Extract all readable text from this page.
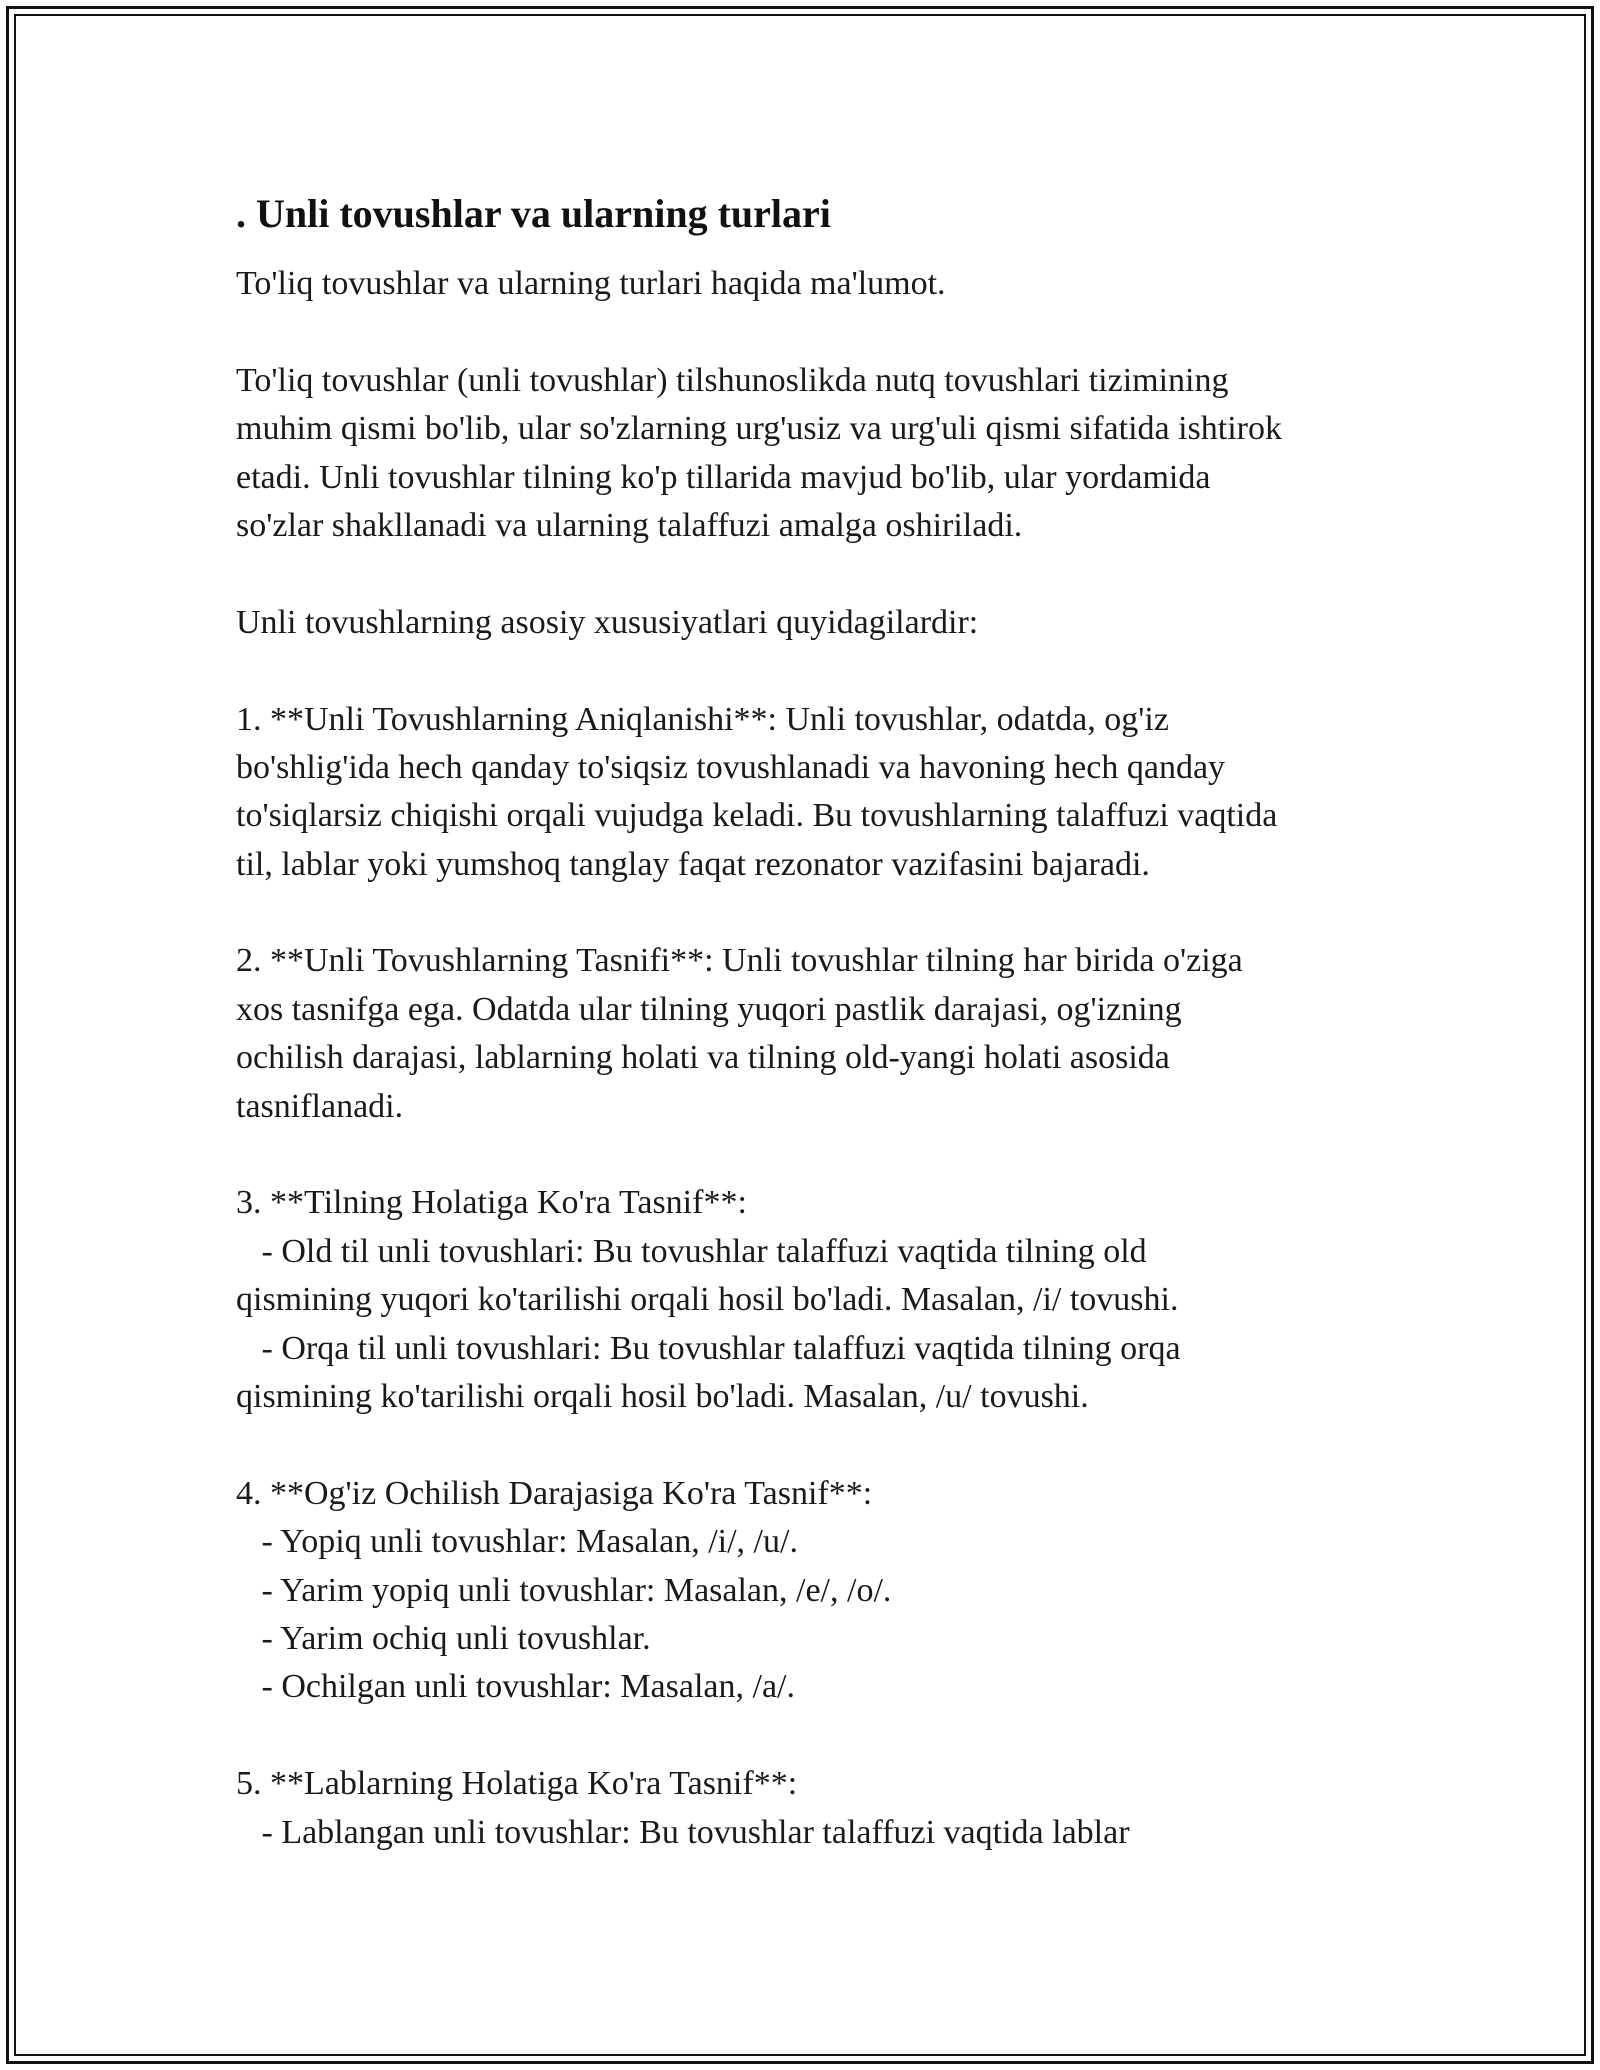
. Unli tovushlar va ularning turlari

To'liq tovushlar va ularning turlari haqida ma'lumot.

To'liq tovushlar (unli tovushlar) tilshunoslikda nutq tovushlari tizimining

muhim qismi bo'lib, ular so'zlarning urg'usiz va urg'uli qismi sifatida ishtirok

etadi. Unli tovushlar tilning ko'p tillarida mavjud bo'lib, ular yordamida

so'zlar shakllanadi va ularning talaffuzi amalga oshiriladi.

Unli tovushlarning asosiy xususiyatlari quyidagilardir:

1. **Unli Tovushlarning Aniqlanishi**: Unli tovushlar, odatda, og'iz

bo'shlig'ida hech qanday to'siqsiz tovushlanadi va havoning hech qanday

to'siqlarsiz chiqishi orqali vujudga keladi. Bu tovushlarning talaffuzi vaqtida

til, lablar yoki yumshoq tanglay faqat rezonator vazifasini bajaradi.

2. **Unli Tovushlarning Tasnifi**: Unli tovushlar tilning har birida o'ziga

xos tasnifga ega. Odatda ular tilning yuqori pastlik darajasi, og'izning

ochilish darajasi, lablarning holati va tilning old-yangi holati asosida

tasniflanadi.

3. **Tilning Holatiga Ko'ra Tasnif**:

- Old til unli tovushlari: Bu tovushlar talaffuzi vaqtida tilning old

qismining yuqori ko'tarilishi orqali hosil bo'ladi. Masalan, /i/ tovushi.

- Orqa til unli tovushlari: Bu tovushlar talaffuzi vaqtida tilning orqa

qismining ko'tarilishi orqali hosil bo'ladi. Masalan, /u/ tovushi.

4. **Og'iz Ochilish Darajasiga Ko'ra Tasnif**:

- Yopiq unli tovushlar: Masalan, /i/, /u/.

- Yarim yopiq unli tovushlar: Masalan, /e/, /o/.

- Yarim ochiq unli tovushlar.

- Ochilgan unli tovushlar: Masalan, /a/.

5. **Lablarning Holatiga Ko'ra Tasnif**:

- Lablangan unli tovushlar: Bu tovushlar talaffuzi vaqtida lablar
